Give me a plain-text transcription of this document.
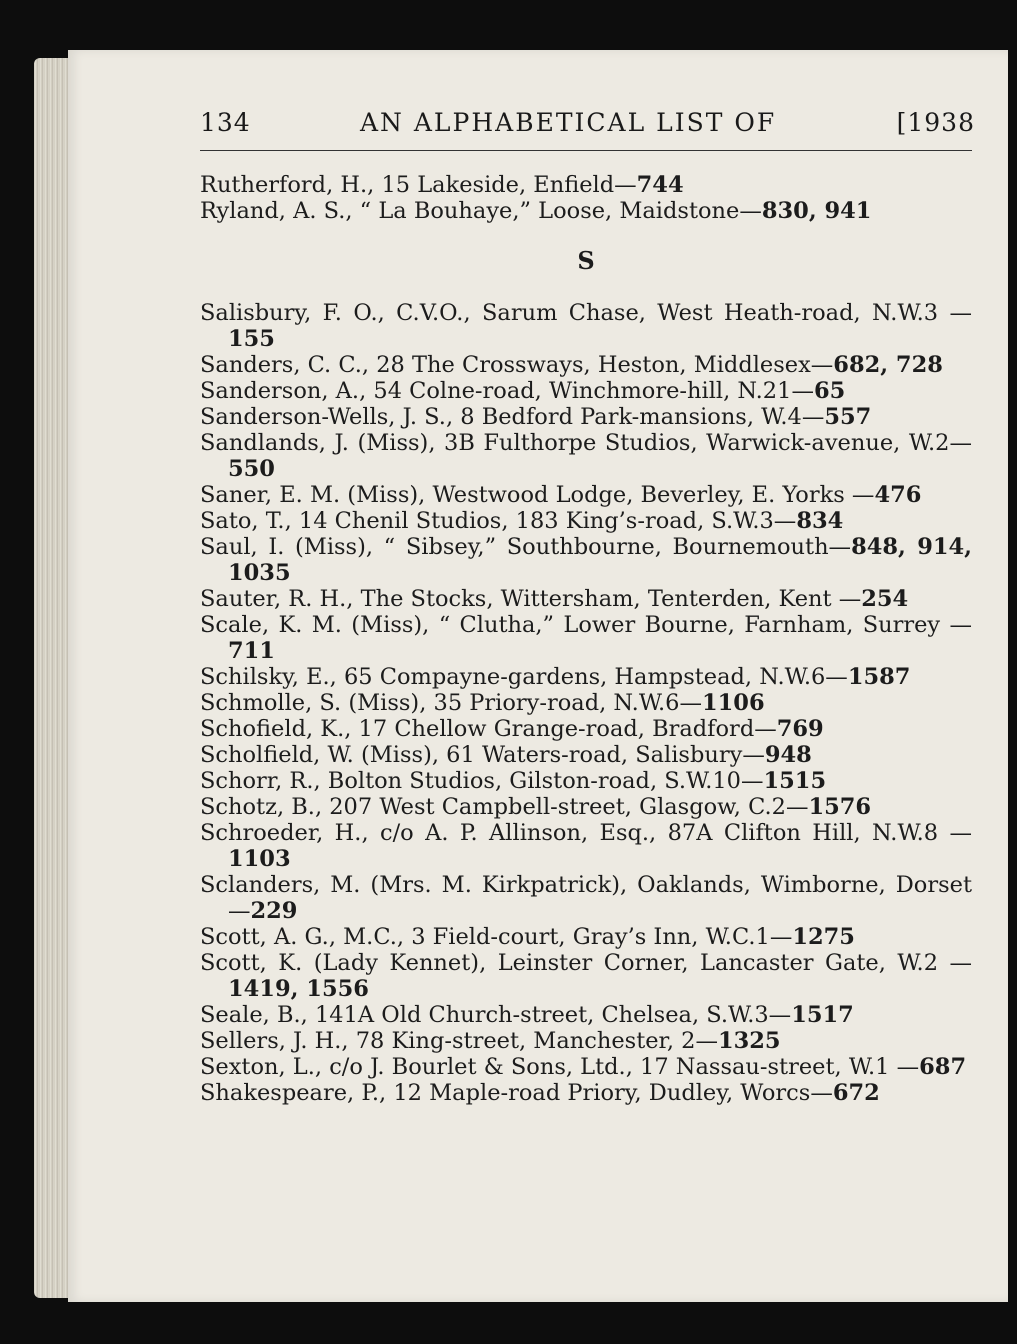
134	AN ALPHABETICAL LIST OF	[1938
Rutherford, H., 15 Lakeside, Enfield—744
Ryland, A. S., “ La Bouhaye,” Loose, Maidstone—830, 941
S
Salisbury, F. O., C.V.O., Sarum Chase, West Heath-road, N.W.3 —155
Sanders, C. C., 28 The Crossways, Heston, Middlesex—682, 728
Sanderson, A., 54 Colne-road, Winchmore-hill, N.21—65
Sanderson-Wells, J. S., 8 Bedford Park-mansions, W.4—557
Sandlands, J. (Miss), 3B Fulthorpe Studios, Warwick-avenue, W.2—550
Saner, E. M. (Miss), Westwood Lodge, Beverley, E. Yorks —476
Sato, T., 14 Chenil Studios, 183 King’s-road, S.W.3—834
Saul, I. (Miss), “ Sibsey,” Southbourne, Bournemouth—848, 914, 1035
Sauter, R. H., The Stocks, Wittersham, Tenterden, Kent —254
Scale, K. M. (Miss), “ Clutha,” Lower Bourne, Farnham, Surrey —711
Schilsky, E., 65 Compayne-gardens, Hampstead, N.W.6—1587
Schmolle, S. (Miss), 35 Priory-road, N.W.6—1106
Schofield, K., 17 Chellow Grange-road, Bradford—769
Scholfield, W. (Miss), 61 Waters-road, Salisbury—948
Schorr, R., Bolton Studios, Gilston-road, S.W.10—1515
Schotz, B., 207 West Campbell-street, Glasgow, C.2—1576
Schroeder, H., c/o A. P. Allinson, Esq., 87A Clifton Hill, N.W.8 —1103
Sclanders, M. (Mrs. M. Kirkpatrick), Oaklands, Wimborne, Dorset—229
Scott, A. G., M.C., 3 Field-court, Gray’s Inn, W.C.1—1275
Scott, K. (Lady Kennet), Leinster Corner, Lancaster Gate, W.2 —1419, 1556
Seale, B., 141A Old Church-street, Chelsea, S.W.3—1517
Sellers, J. H., 78 King-street, Manchester, 2—1325
Sexton, L., c/o J. Bourlet & Sons, Ltd., 17 Nassau-street, W.1 —687
Shakespeare, P., 12 Maple-road Priory, Dudley, Worcs—672
